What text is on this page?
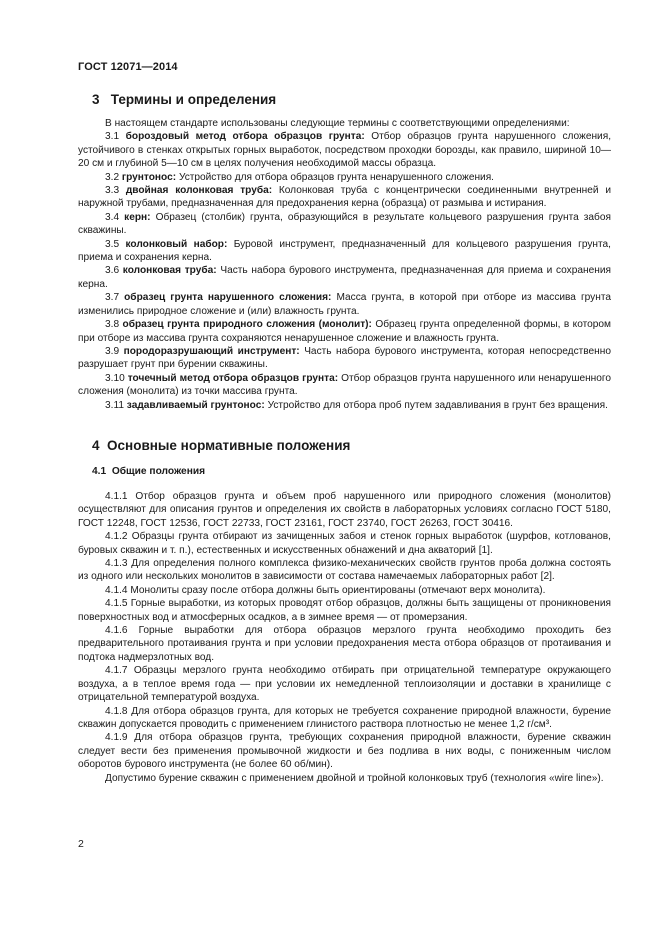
ГОСТ 12071—2014
3 Термины и определения

В настоящем стандарте использованы следующие термины с соответствующими определениями:

3.1 бороздовый метод отбора образцов грунта: Отбор образцов грунта нарушенного сложения, устойчивого в стенках открытых горных выработок, посредством проходки борозды, как правило, шириной 10—20 см и глубиной 5—10 см в целях получения необходимой массы образца.

3.2 грунтонос: Устройство для отбора образцов грунта ненарушенного сложения.

3.3 двойная колонковая труба: Колонковая труба с концентрически соединенными внутренней и наружной трубами, предназначенная для предохранения керна (образца) от размыва и истирания.

3.4 керн: Образец (столбик) грунта, образующийся в результате кольцевого разрушения грунта забоя скважины.

3.5 колонковый набор: Буровой инструмент, предназначенный для кольцевого разрушения грунта, приема и сохранения керна.

3.6 колонковая труба: Часть набора бурового инструмента, предназначенная для приема и сохранения керна.

3.7 образец грунта нарушенного сложения: Масса грунта, в которой при отборе из массива грунта изменились природное сложение и (или) влажность грунта.

3.8 образец грунта природного сложения (монолит): Образец грунта определенной формы, в котором при отборе из массива грунта сохраняются ненарушенное сложение и влажность грунта.

3.9 породоразрушающий инструмент: Часть набора бурового инструмента, которая непосредственно разрушает грунт при бурении скважины.

3.10 точечный метод отбора образцов грунта: Отбор образцов грунта нарушенного или ненарушенного сложения (монолита) из точки массива грунта.

3.11 задавливаемый грунтонос: Устройство для отбора проб путем задавливания в грунт без вращения.

4 Основные нормативные положения
4.1 Общие положения

4.1.1 Отбор образцов грунта и объем проб нарушенного или природного сложения (монолитов) осуществляют для описания грунтов и определения их свойств в лабораторных условиях согласно ГОСТ 5180, ГОСТ 12248, ГОСТ 12536, ГОСТ 22733, ГОСТ 23161, ГОСТ 23740, ГОСТ 26263, ГОСТ 30416.

4.1.2 Образцы грунта отбирают из зачищенных забоя и стенок горных выработок (шурфов, котлованов, буровых скважин и т. п.), естественных и искусственных обнажений и дна акваторий [1].

4.1.3 Для определения полного комплекса физико-механических свойств грунтов проба должна состоять из одного или нескольких монолитов в зависимости от состава намечаемых лабораторных работ [2].

4.1.4 Монолиты сразу после отбора должны быть ориентированы (отмечают верх монолита).

4.1.5 Горные выработки, из которых проводят отбор образцов, должны быть защищены от проникновения поверхностных вод и атмосферных осадков, а в зимнее время — от промерзания.

4.1.6 Горные выработки для отбора образцов мерзлого грунта необходимо проходить без предварительного протаивания грунта и при условии предохранения места отбора образцов от протаивания и подтока надмерзлотных вод.

4.1.7 Образцы мерзлого грунта необходимо отбирать при отрицательной температуре окружающего воздуха, а в теплое время года — при условии их немедленной теплоизоляции и доставки в хранилище с отрицательной температурой воздуха.

4.1.8 Для отбора образцов грунта, для которых не требуется сохранение природной влажности, бурение скважин допускается проводить с применением глинистого раствора плотностью не менее 1,2 г/см³.

4.1.9 Для отбора образцов грунта, требующих сохранения природной влажности, бурение скважин следует вести без применения промывочной жидкости и без подлива в них воды, с пониженным числом оборотов бурового инструмента (не более 60 об/мин).

Допустимо бурение скважин с применением двойной и тройной колонковых труб (технология «wire line»).

2
